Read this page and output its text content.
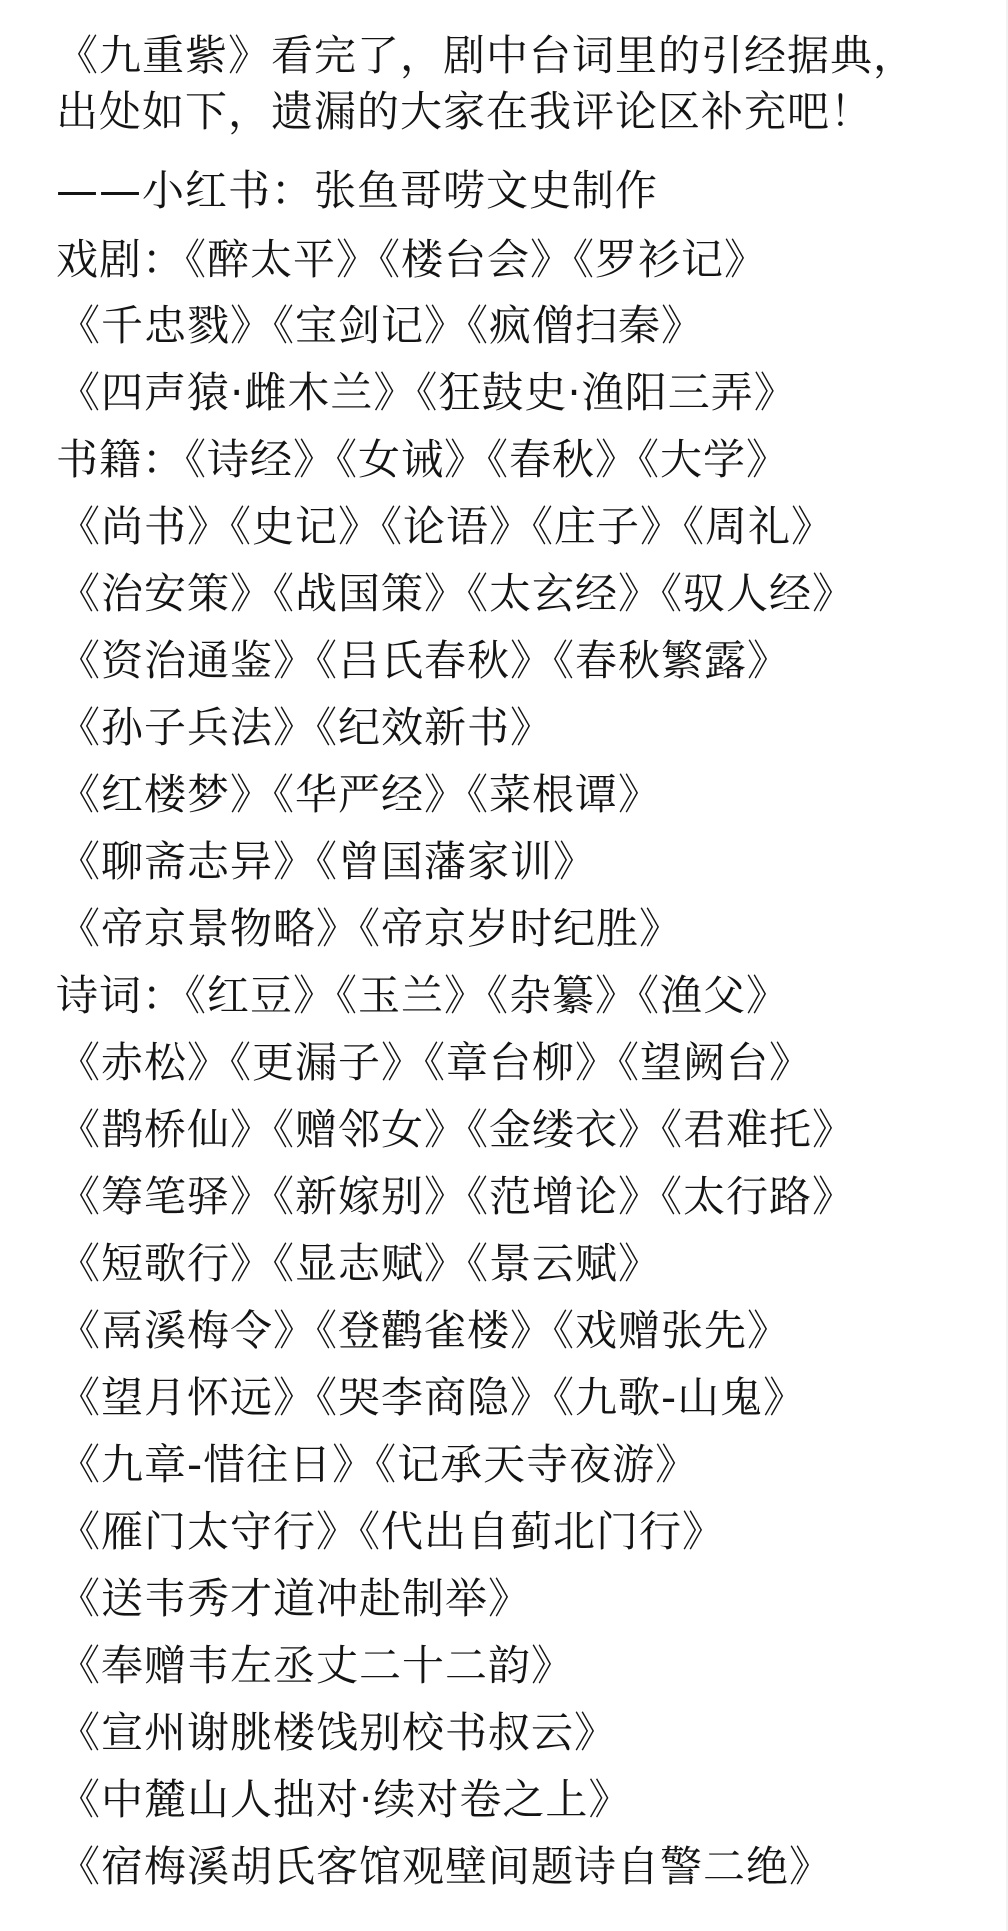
《九重紫》看完了，剧中台词里的引经据典，
出处如下，遗漏的大家在我评论区补充吧！
——小红书：张鱼哥唠文史制作
戏剧：《醉太平》《楼台会》《罗衫记》
《千忠戮》《宝剑记》《疯僧扫秦》
《四声猿·雌木兰》《狂鼓史·渔阳三弄》
书籍：《诗经》《女诫》《春秋》《大学》
《尚书》《史记》《论语》《庄子》《周礼》
《治安策》《战国策》《太玄经》《驭人经》
《资治通鉴》《吕氏春秋》《春秋繁露》
《孙子兵法》《纪效新书》
《红楼梦》《华严经》《菜根谭》
《聊斋志异》《曾国藩家训》
《帝京景物略》《帝京岁时纪胜》
诗词：《红豆》《玉兰》《杂纂》《渔父》
《赤松》《更漏子》《章台柳》《望阙台》
《鹊桥仙》《赠邻女》《金缕衣》《君难托》
《筹笔驿》《新嫁别》《范增论》《太行路》
《短歌行》《显志赋》《景云赋》
《鬲溪梅令》《登鹳雀楼》《戏赠张先》
《望月怀远》《哭李商隐》《九歌-山鬼》
《九章-惜往日》《记承天寺夜游》
《雁门太守行》《代出自蓟北门行》
《送韦秀才道冲赴制举》
《奉赠韦左丞丈二十二韵》
《宣州谢朓楼饯别校书叔云》
《中麓山人拙对·续对卷之上》
《宿梅溪胡氏客馆观壁间题诗自警二绝》
